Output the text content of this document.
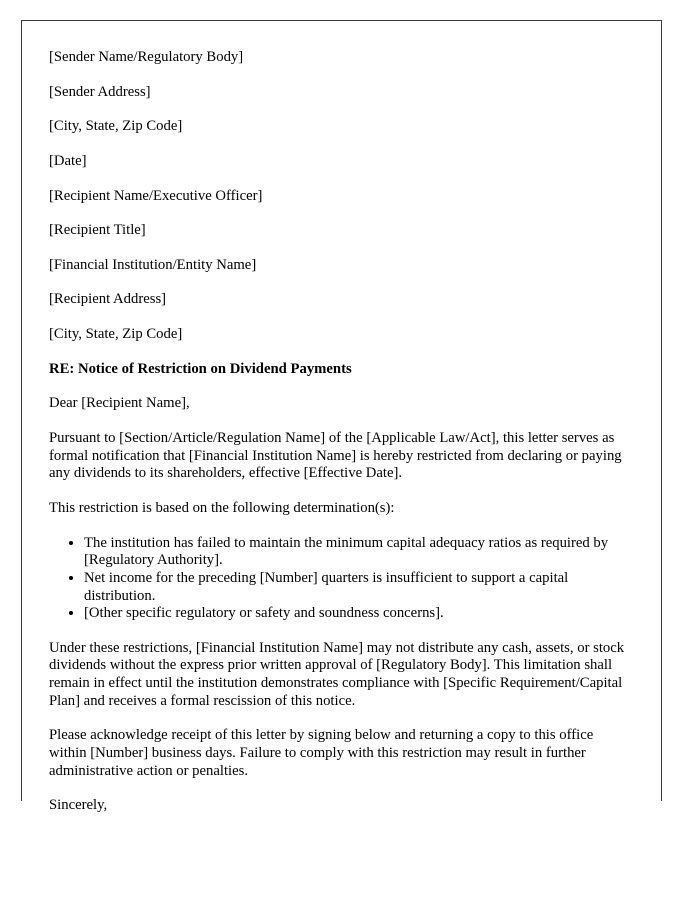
[Sender Name/Regulatory Body]

[Sender Address]

[City, State, Zip Code]

[Date]

[Recipient Name/Executive Officer]

[Recipient Title]

[Financial Institution/Entity Name]

[Recipient Address]

[City, State, Zip Code]

RE: Notice of Restriction on Dividend Payments

Dear [Recipient Name],

Pursuant to [Section/Article/Regulation Name] of the [Applicable Law/Act], this letter serves as formal notification that [Financial Institution Name] is hereby restricted from declaring or paying any dividends to its shareholders, effective [Effective Date].

This restriction is based on the following determination(s):

• The institution has failed to maintain the minimum capital adequacy ratios as required by [Regulatory Authority].
• Net income for the preceding [Number] quarters is insufficient to support a capital distribution.
• [Other specific regulatory or safety and soundness concerns].

Under these restrictions, [Financial Institution Name] may not distribute any cash, assets, or stock dividends without the express prior written approval of [Regulatory Body]. This limitation shall remain in effect until the institution demonstrates compliance with [Specific Requirement/Capital Plan] and receives a formal rescission of this notice.

Please acknowledge receipt of this letter by signing below and returning a copy to this office within [Number] business days. Failure to comply with this restriction may result in further administrative action or penalties.

Sincerely,
